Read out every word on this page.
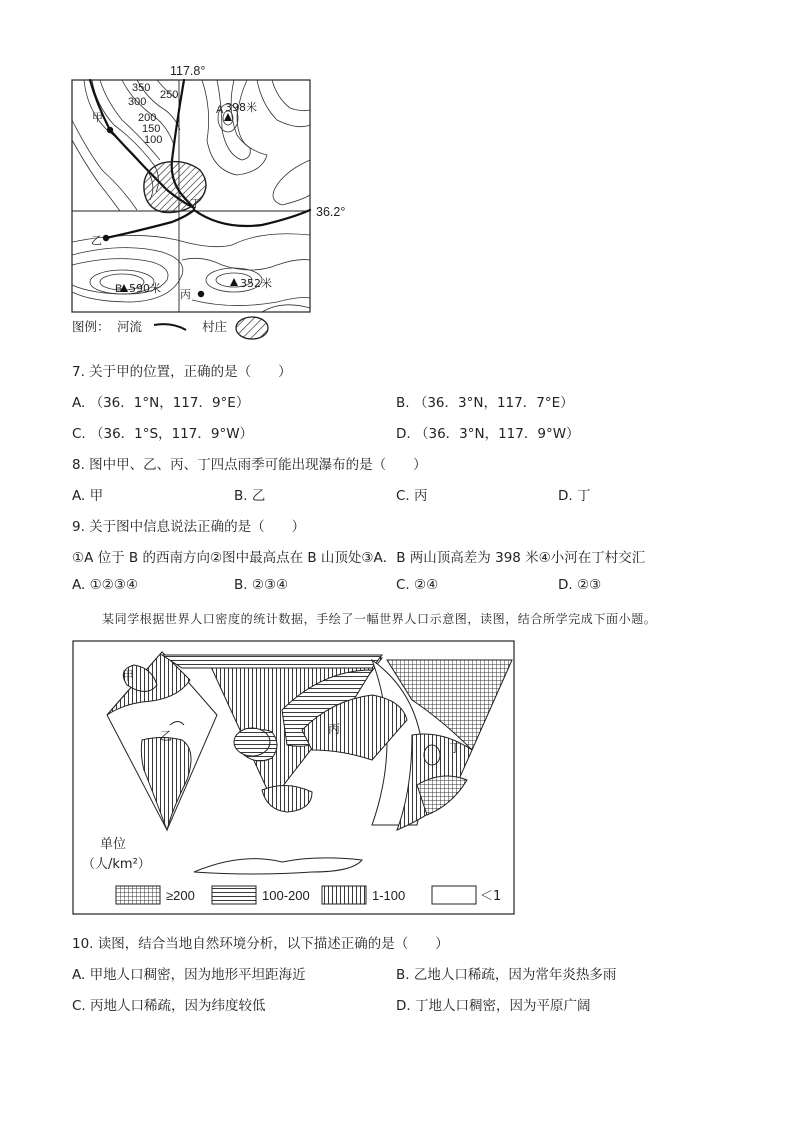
117.8°
36.2°
350
300
250
200
150
100
甲
乙
丙
丁
A 398米
B 590米	352米
图例： 河流	村庄
7. 关于甲的位置，正确的是（　　）
A. （36．1°N，117．9°E）	B. （36．3°N，117．7°E）
C. （36．1°S，117．9°W）	D. （36．3°N，117．9°W）
8. 图中甲、乙、丙、丁四点雨季可能出现瀑布的是（　　）
A. 甲	B. 乙	C. 丙	D. 丁
9. 关于图中信息说法正确的是（　　）
①A 位于 B 的西南方向②图中最高点在 B 山顶处③A．B 两山顶高差为 398 米④小河在丁村交汇
A. ①②③④	B. ②③④	C. ②④	D. ②③
某同学根据世界人口密度的统计数据，手绘了一幅世界人口示意图，读图，结合所学完成下面小题。
甲
乙	丙
丁
单位
（人/km²）
≥200	100-200	1-100	＜1
10. 读图，结合当地自然环境分析，以下描述正确的是（　　）
A. 甲地人口稠密，因为地形平坦距海近	B. 乙地人口稀疏，因为常年炎热多雨
C. 丙地人口稀疏，因为纬度较低	D. 丁地人口稠密，因为平原广阔
